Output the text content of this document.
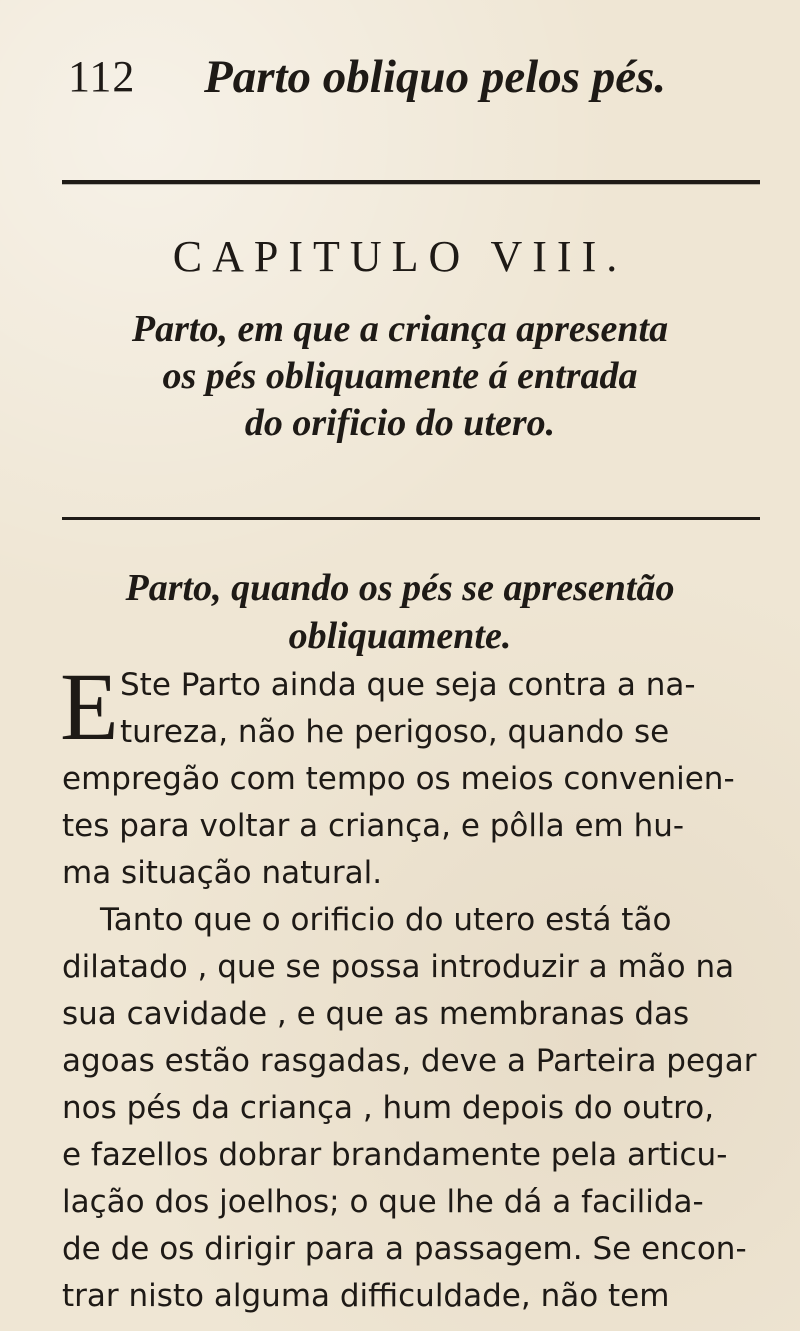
112 Parto obliquo pelos pés.
CAPITULO VIII.
Parto, em que a criança apresenta
os pés obliquamente á entrada
do orificio do utero.
Parto, quando os pés se apresentão
obliquamente.
E Ste Parto ainda que seja contra a na-
tureza, não he perigoso, quando se
empregão com tempo os meios convenien-
tes para voltar a criança, e pôlla em hu-
ma situação natural.
Tanto que o orificio do utero está tão
dilatado , que se possa introduzir a mão na
sua cavidade , e que as membranas das
agoas estão rasgadas, deve a Parteira pegar
nos pés da criança , hum depois do outro,
e fazellos dobrar brandamente pela articu-
lação dos joelhos; o que lhe dá a facilida-
de de os dirigir para a passagem. Se encon-
trar nisto alguma difficuldade, não tem
